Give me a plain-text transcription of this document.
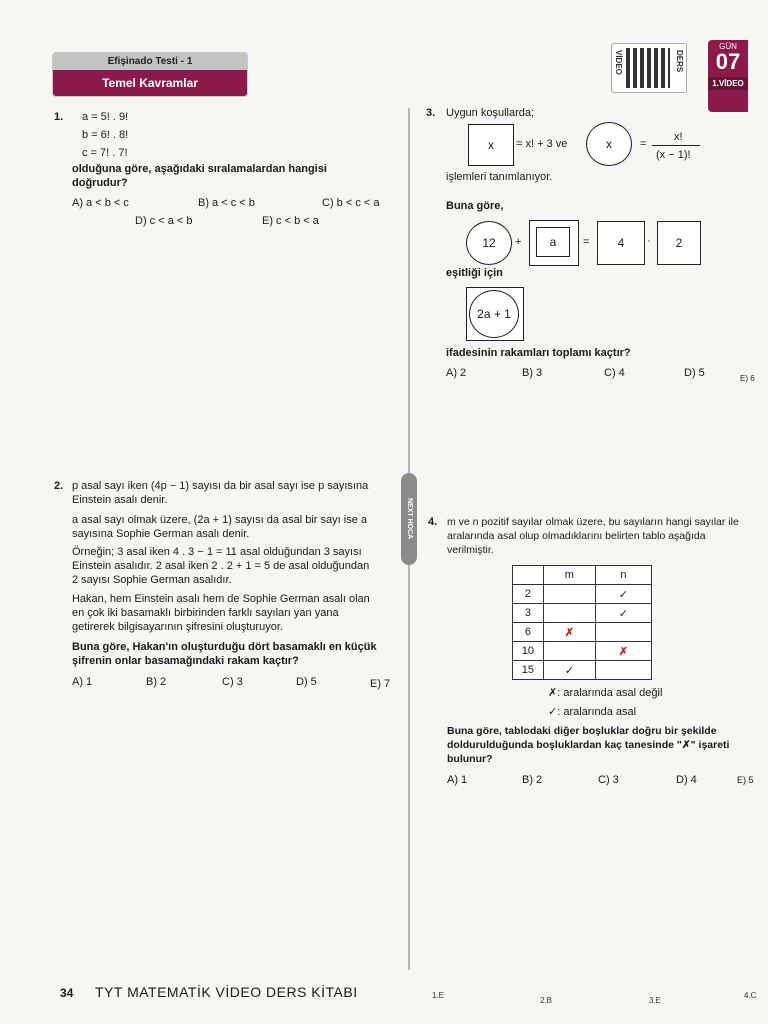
Efişinado Testi - 1
Temel Kavramlar
VİDEO	DERS
GÜN
07
1.VİDEO
NEXT HOCA
1. a = 5! . 9!
b = 6! . 8!
c = 7! . 7!
olduğuna göre, aşağıdaki sıralamalardan hangisi doğrudur?
A) a < b < c	B) a < c < b	C) b < c < a
D) c < a < b	E) c < b < a
2. p asal sayı iken (4p − 1) sayısı da bir asal sayı ise p sayısına Einstein asalı denir.
a asal sayı olmak üzere, (2a + 1) sayısı da asal bir sayı ise a sayısına Sophie German asalı denir.
Örneğin; 3 asal iken 4 . 3 − 1 = 11 asal olduğundan 3 sayısı Einstein asalıdır. 2 asal iken 2 . 2 + 1 = 5 de asal olduğundan 2 sayısı Sophie German asalıdır.
Hakan, hem Einstein asalı hem de Sophie German asalı olan en çok iki basamaklı birbirinden farklı sayıları yan yana getirerek bilgisayarının şifresini oluşturuyor.
Buna göre, Hakan'ın oluşturduğu dört basamaklı en küçük şifrenin onlar basamağındaki rakam kaçtır?
A) 1	B) 2	C) 3	D) 5	E) 7
3. Uygun koşullarda;
x	= x! + 3 ve	x	=
x!
(x − 1)!
işlemleri tanımlanıyor.
Buna göre,
12	+	a	=	4	·	2
eşitliği için
2a + 1
ifadesinin rakamları toplamı kaçtır?
A) 2	B) 3	C) 4	D) 5	E) 6
4. m ve n pozitif sayılar olmak üzere, bu sayıların hangi sayılar ile aralarında asal olup olmadıklarını belirten tablo aşağıda verilmiştir.
	m	n
2		✓
3		✓
6	✗	
10		✗
15	✓	
✗: aralarında asal değil
✓: aralarında asal
Buna göre, tablodaki diğer boşluklar doğru bir şekilde doldurulduğunda boşluklardan kaç tanesinde "✗" işareti bulunur?
A) 1	B) 2	C) 3	D) 4	E) 5
34 TYT MATEMATİK VİDEO DERS KİTABI	1.E
2.B	3.E
4.C
